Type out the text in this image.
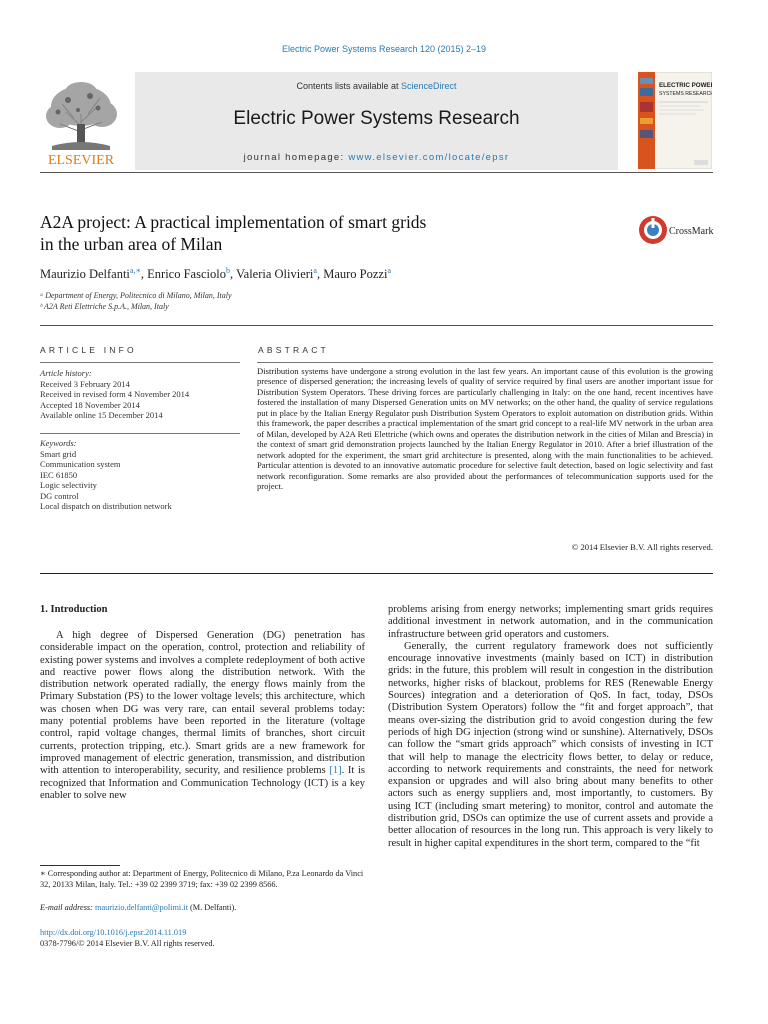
Electric Power Systems Research 120 (2015) 2–19
Contents lists available at ScienceDirect
Electric Power Systems Research
journal homepage: www.elsevier.com/locate/epsr
ELSEVIER
ELECTRIC POWER
SYSTEMS RESEARCH
A2A project: A practical implementation of smart grids
in the urban area of Milan
CrossMark
Maurizio Delfanti$^{a,∗}$, Enrico Fasciolo$^b$, Valeria Olivieri$^a$, Mauro Pozzi$^a$
ᵃ Department of Energy, Politecnico di Milano, Milan, Italy
ᵇ A2A Reti Elettriche S.p.A., Milan, Italy
ARTICLE INFO	ABSTRACT
Article history:
Received 3 February 2014
Received in revised form 4 November 2014
Accepted 18 November 2014
Available online 15 December 2014
Keywords:
Smart grid
Communication system
IEC 61850
Logic selectivity
DG control
Local dispatch on distribution network
Distribution systems have undergone a strong evolution in the last few years. An important cause of this evolution is the growing presence of dispersed generation; the increasing levels of quality of service required by final users are another important issue for Distribution System Operators. These driving forces are particularly challenging in Italy: on the one hand, recent incentives have fostered the installation of many Dispersed Generation units on MV networks; on the other hand, the quality of service regulations put in place by the Italian Energy Regulator push Distribution System Operators to exploit automation on distribution grids. Within this framework, the paper describes a practical implementation of the smart grid concept to a real-life MV network in the urban area of Milan, developed by A2A Reti Elettriche (which owns and operates the distribution network in the cities of Milan and Brescia) in the context of smart grid demonstration projects launched by the Italian Energy Regulator in 2010. After a brief illustration of the network adopted for the experiment, the smart grid architecture is presented, along with the main functionalities to be achieved. Particular attention is devoted to an innovative automatic procedure for selective fault detection, based on logic selectivity and fast network reconfiguration. Some remarks are also provided about the performances of telecommunication supports used for the project.
© 2014 Elsevier B.V. All rights reserved.
1. Introduction

A high degree of Dispersed Generation (DG) penetration has considerable impact on the operation, control, protection and reliability of existing power systems and involves a complete redeployment of both active and reactive power flows along the distribution network. With the distribution network operated radially, the energy flows mainly from the Primary Substation (PS) to the lower voltage levels; this architecture, which was chosen when DG was very rare, can entail several problems today: many potential problems have been reported in the literature (voltage control, rapid voltage changes, thermal limits of branches, short circuit currents, protection tripping, etc.). Smart grids are a new framework for improved management of electric generation, transmission, and distribution with attention to interoperability, security, and resilience problems [1]. It is recognized that Information and Communication Technology (ICT) is a key enabler to solve new

problems arising from energy networks; implementing smart grids requires additional investment in network automation, and in the communication infrastructure between grid operators and customers.

Generally, the current regulatory framework does not sufficiently encourage innovative investments (mainly based on ICT) in distribution grids: in the future, this problem will result in congestion in the distribution networks, higher risks of blackout, problems for RES (Renewable Energy Sources) integration and a deterioration of QoS. In fact, today, DSOs (Distribution System Operators) follow the “fit and forget approach”, that means over-sizing the distribution grid to avoid congestion during the few periods of high DG injection (strong wind or sunshine). Alternatively, DSOs can follow the “smart grids approach” which consists of investing in ICT that will help to manage the electricity flows better, to delay or reduce, according to network requirements and constraints, the need for network expansion or upgrades and will also bring about many benefits to other actors such as energy suppliers and, most importantly, to customers. By using ICT (including smart metering) to monitor, control and automate the distribution grid, DSOs can optimize the use of current assets and provide a better allocation of resources in the long run. This approach is very likely to result in higher capital expenditures in the short term, compared to the “fit

∗ Corresponding author at: Department of Energy, Politecnico di Milano, P.za Leonardo da Vinci 32, 20133 Milan, Italy. Tel.: +39 02 2399 3719; fax: +39 02 2399 8566.
E-mail address: maurizio.delfanti@polimi.it (M. Delfanti).
http://dx.doi.org/10.1016/j.epsr.2014.11.019
0378-7796/© 2014 Elsevier B.V. All rights reserved.
